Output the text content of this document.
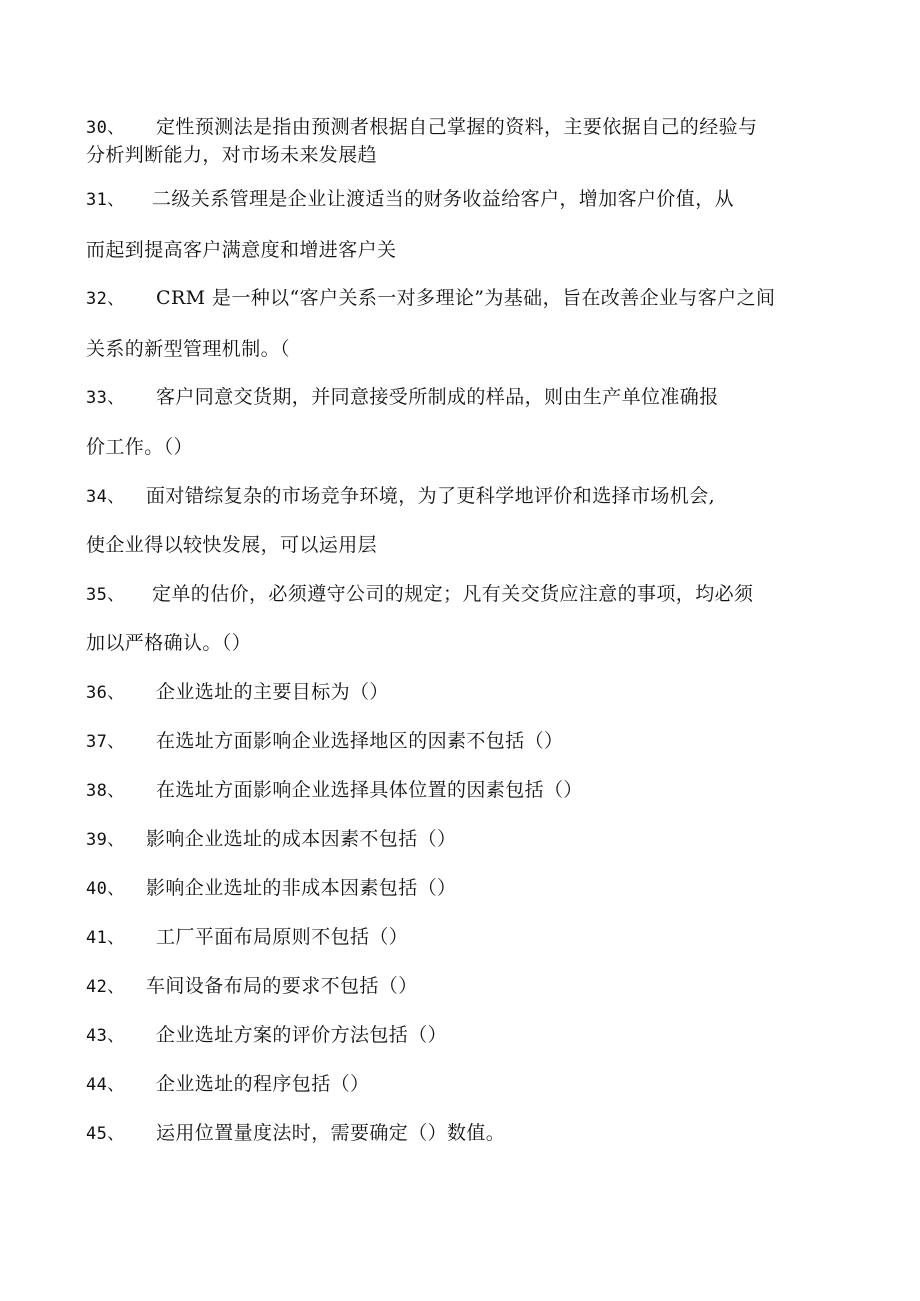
30、 定性预测法是指由预测者根据自己掌握的资料，主要依据自己的经验与
分析判断能力，对市场未来发展趋
31、 二级关系管理是企业让渡适当的财务收益给客户，增加客户价值，从
而起到提高客户满意度和增进客户关
32、 CRM 是一种以“客户关系一对多理论”为基础，旨在改善企业与客户之间
关系的新型管理机制。（
33、 客户同意交货期，并同意接受所制成的样品，则由生产单位准确报
价工作。（）
34、 面对错综复杂的市场竞争环境，为了更科学地评价和选择市场机会,
使企业得以较快发展，可以运用层
35、 定单的估价，必须遵守公司的规定；凡有关交货应注意的事项，均必须
加以严格确认。（）
36、 企业选址的主要目标为（）
37、 在选址方面影响企业选择地区的因素不包括（）
38、 在选址方面影响企业选择具体位置的因素包括（）
39、 影响企业选址的成本因素不包括（）
40、 影响企业选址的非成本因素包括（）
41、 工厂平面布局原则不包括（）
42、 车间设备布局的要求不包括（）
43、 企业选址方案的评价方法包括（）
44、 企业选址的程序包括（）
45、 运用位置量度法时，需要确定（）数值。
